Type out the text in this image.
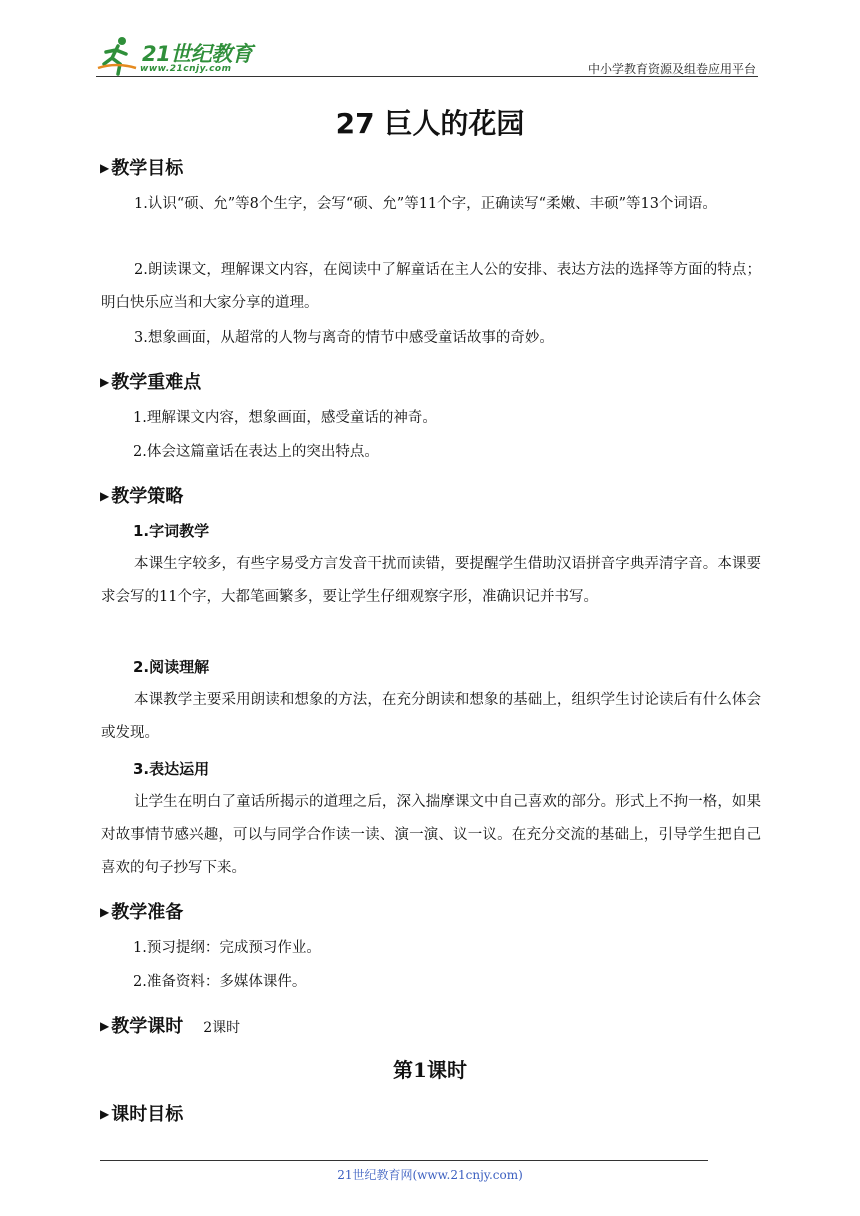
21世纪教育
www.21cnjy.com	中小学教育资源及组卷应用平台
27 巨人的花园
▶ 教学目标
1.认识“硕、允”等8个生字，会写“硕、允”等11个字，正确读写“柔嫩、丰硕”等13个词语。
2.朗读课文，理解课文内容，在阅读中了解童话在主人公的安排、表达方法的选择等方面的特点；明白快乐应当和大家分享的道理。
3.想象画面，从超常的人物与离奇的情节中感受童话故事的奇妙。
▶ 教学重难点
1.理解课文内容，想象画面，感受童话的神奇。
2.体会这篇童话在表达上的突出特点。
▶ 教学策略
1.字词教学
本课生字较多，有些字易受方言发音干扰而读错，要提醒学生借助汉语拼音字典弄清字音。本课要求会写的11个字，大都笔画繁多，要让学生仔细观察字形，准确识记并书写。
2.阅读理解
本课教学主要采用朗读和想象的方法，在充分朗读和想象的基础上，组织学生讨论读后有什么体会或发现。
3.表达运用
让学生在明白了童话所揭示的道理之后，深入揣摩课文中自己喜欢的部分。形式上不拘一格，如果对故事情节感兴趣，可以与同学合作读一读、演一演、议一议。在充分交流的基础上，引导学生把自己喜欢的句子抄写下来。
▶ 教学准备
1.预习提纲：完成预习作业。
2.准备资料：多媒体课件。
▶ 教学课时 2课时
第1课时
▶ 课时目标
21世纪教育网(www.21cnjy.com)
